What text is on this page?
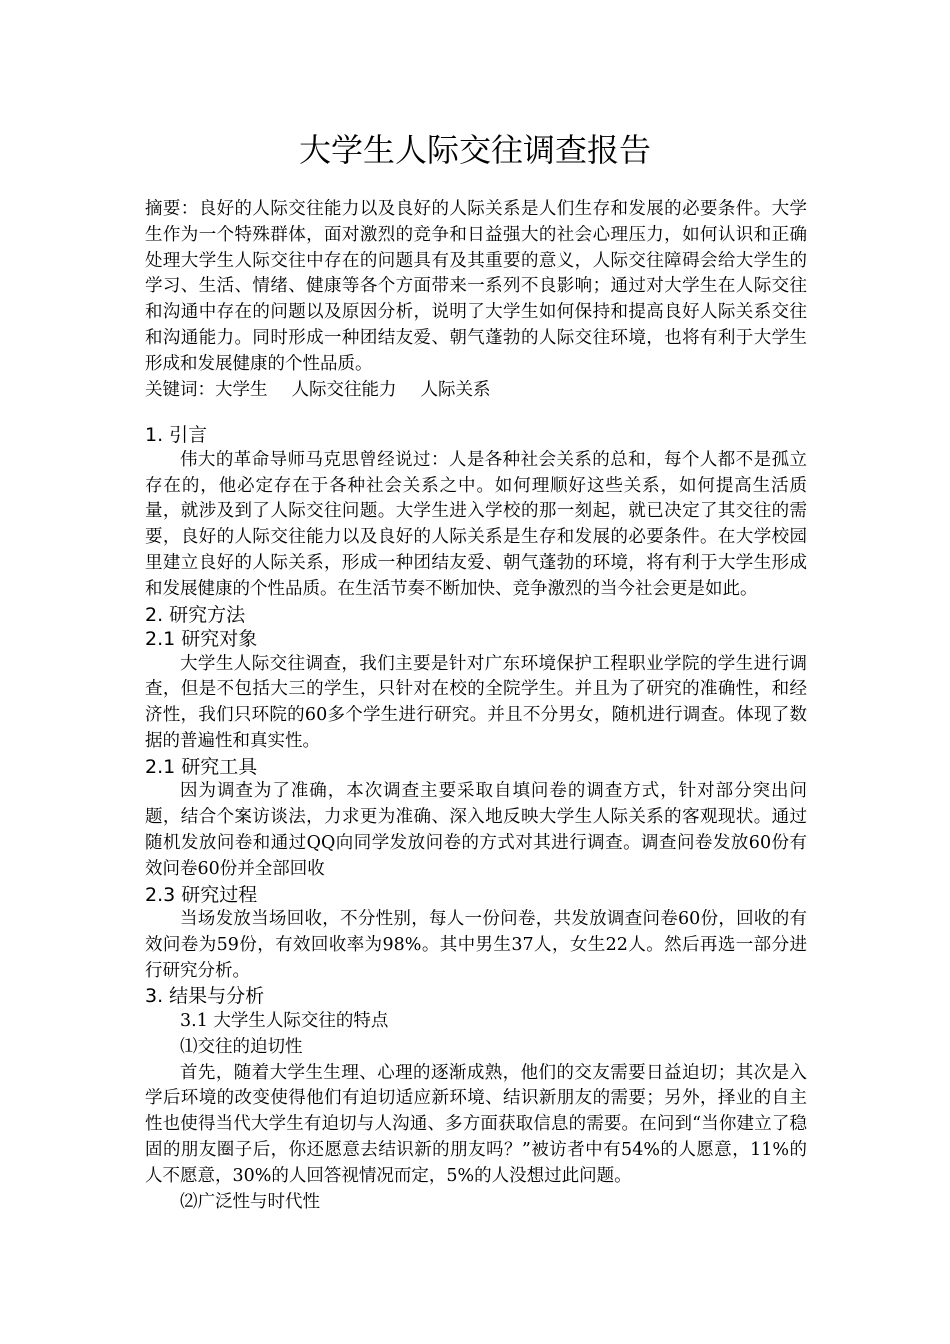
大学生人际交往调查报告

摘要：良好的人际交往能力以及良好的人际关系是人们生存和发展的必要条件。大学生作为一个特殊群体，面对激烈的竞争和日益强大的社会心理压力，如何认识和正确处理大学生人际交往中存在的问题具有及其重要的意义，人际交往障碍会给大学生的学习、生活、情绪、健康等各个方面带来一系列不良影响；通过对大学生在人际交往和沟通中存在的问题以及原因分析，说明了大学生如何保持和提高良好人际关系交往和沟通能力。同时形成一种团结友爱、朝气蓬勃的人际交往环境，也将有利于大学生形成和发展健康的个性品质。

关键词：大学生 人际交往能力 人际关系

1. 引言

伟大的革命导师马克思曾经说过：人是各种社会关系的总和，每个人都不是孤立存在的，他必定存在于各种社会关系之中。如何理顺好这些关系，如何提高生活质量，就涉及到了人际交往问题。大学生进入学校的那一刻起，就已决定了其交往的需要，良好的人际交往能力以及良好的人际关系是生存和发展的必要条件。在大学校园里建立良好的人际关系，形成一种团结友爱、朝气蓬勃的环境，将有利于大学生形成和发展健康的个性品质。在生活节奏不断加快、竞争激烈的当今社会更是如此。

2. 研究方法

2.1 研究对象

大学生人际交往调查，我们主要是针对广东环境保护工程职业学院的学生进行调查，但是不包括大三的学生，只针对在校的全院学生。并且为了研究的准确性，和经济性，我们只环院的60多个学生进行研究。并且不分男女，随机进行调查。体现了数据的普遍性和真实性。

2.1 研究工具

因为调查为了准确，本次调查主要采取自填问卷的调查方式，针对部分突出问题，结合个案访谈法，力求更为准确、深入地反映大学生人际关系的客观现状。通过随机发放问卷和通过QQ向同学发放问卷的方式对其进行调查。调查问卷发放60份有效问卷60份并全部回收

2.3 研究过程

当场发放当场回收，不分性别，每人一份问卷，共发放调查问卷60份，回收的有效问卷为59份，有效回收率为98%。其中男生37人，女生22人。然后再选一部分进行研究分析。

3. 结果与分析

3.1 大学生人际交往的特点

⑴交往的迫切性

首先，随着大学生生理、心理的逐渐成熟，他们的交友需要日益迫切；其次是入学后环境的改变使得他们有迫切适应新环境、结识新朋友的需要；另外，择业的自主性也使得当代大学生有迫切与人沟通、多方面获取信息的需要。在问到“当你建立了稳固的朋友圈子后，你还愿意去结识新的朋友吗？”被访者中有54%的人愿意，11%的人不愿意，30%的人回答视情况而定，5%的人没想过此问题。

⑵广泛性与时代性
